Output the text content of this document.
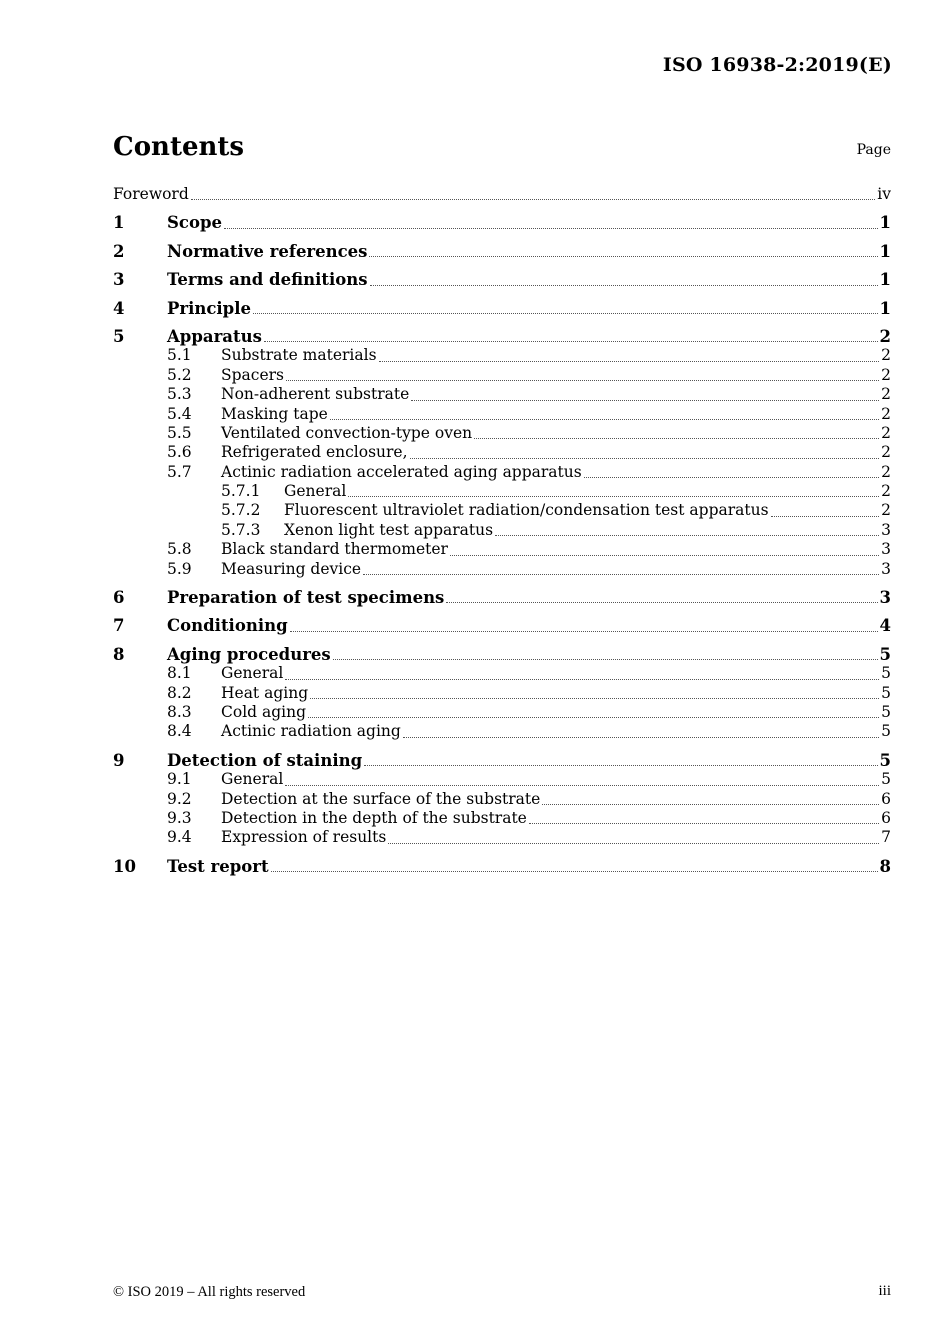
ISO 16938-2:2019(E)
Contents	Page
Foreword	iv
1	Scope	1
2	Normative references	1
3	Terms and definitions	1
4	Principle	1
5	Apparatus	2
5.1	Substrate materials	2
5.2	Spacers	2
5.3	Non-adherent substrate	2
5.4	Masking tape	2
5.5	Ventilated convection-type oven	2
5.6	Refrigerated enclosure,	2
5.7	Actinic radiation accelerated aging apparatus	2
5.7.1	General	2
5.7.2	Fluorescent ultraviolet radiation/condensation test apparatus	2
5.7.3	Xenon light test apparatus	3
5.8	Black standard thermometer	3
5.9	Measuring device	3
6	Preparation of test specimens	3
7	Conditioning	4
8	Aging procedures	5
8.1	General	5
8.2	Heat aging	5
8.3	Cold aging	5
8.4	Actinic radiation aging	5
9	Detection of staining	5
9.1	General	5
9.2	Detection at the surface of the substrate	6
9.3	Detection in the depth of the substrate	6
9.4	Expression of results	7
10	Test report	8
© ISO 2019 – All rights reserved	iii
